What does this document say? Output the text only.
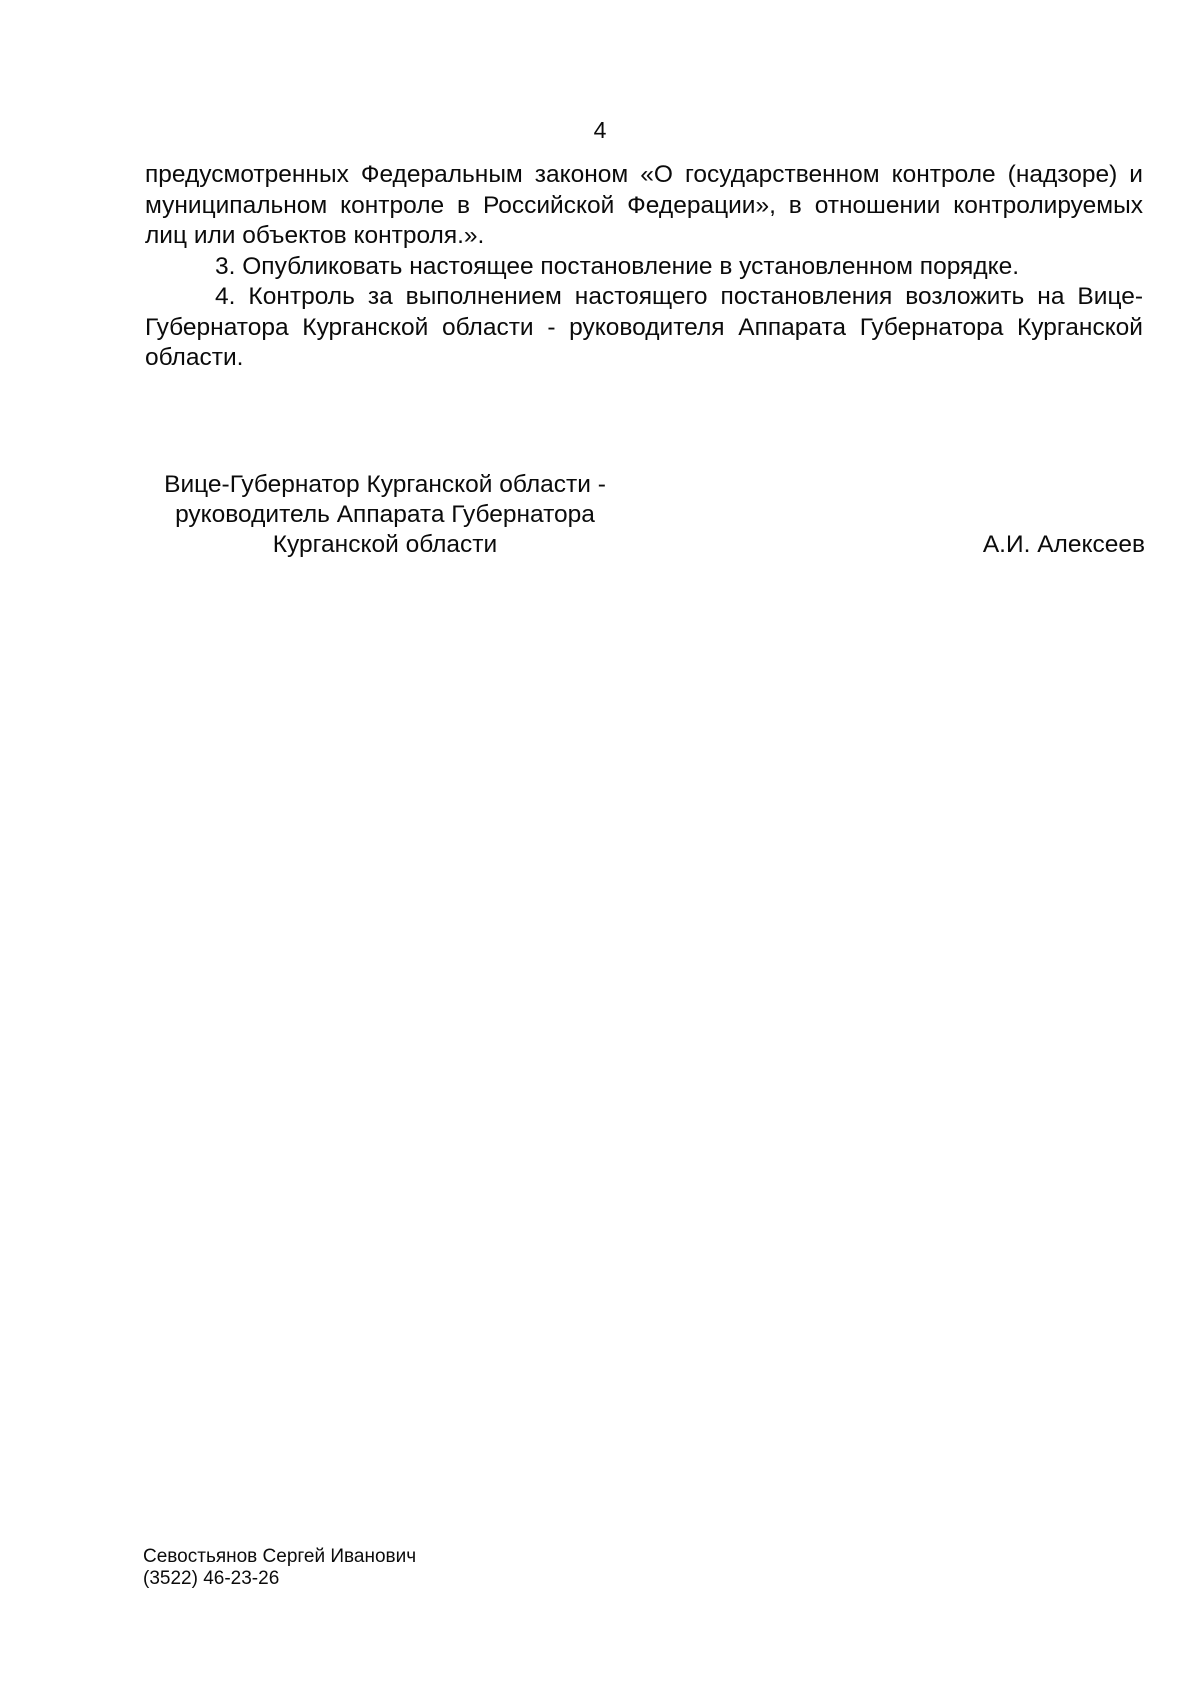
4

предусмотренных Федеральным законом «О государственном контроле (надзоре) и муниципальном контроле в Российской Федерации», в отношении контролируемых лиц или объектов контроля.».

3. Опубликовать настоящее постановление в установленном порядке.

4. Контроль за выполнением настоящего постановления возложить на Вице-Губернатора Курганской области - руководителя Аппарата Губернатора Курганской области.

Вице-Губернатор Курганской области -
руководитель Аппарата Губернатора
Курганской области	А.И. Алексеев
Севостьянов Сергей Иванович
(3522) 46-23-26
